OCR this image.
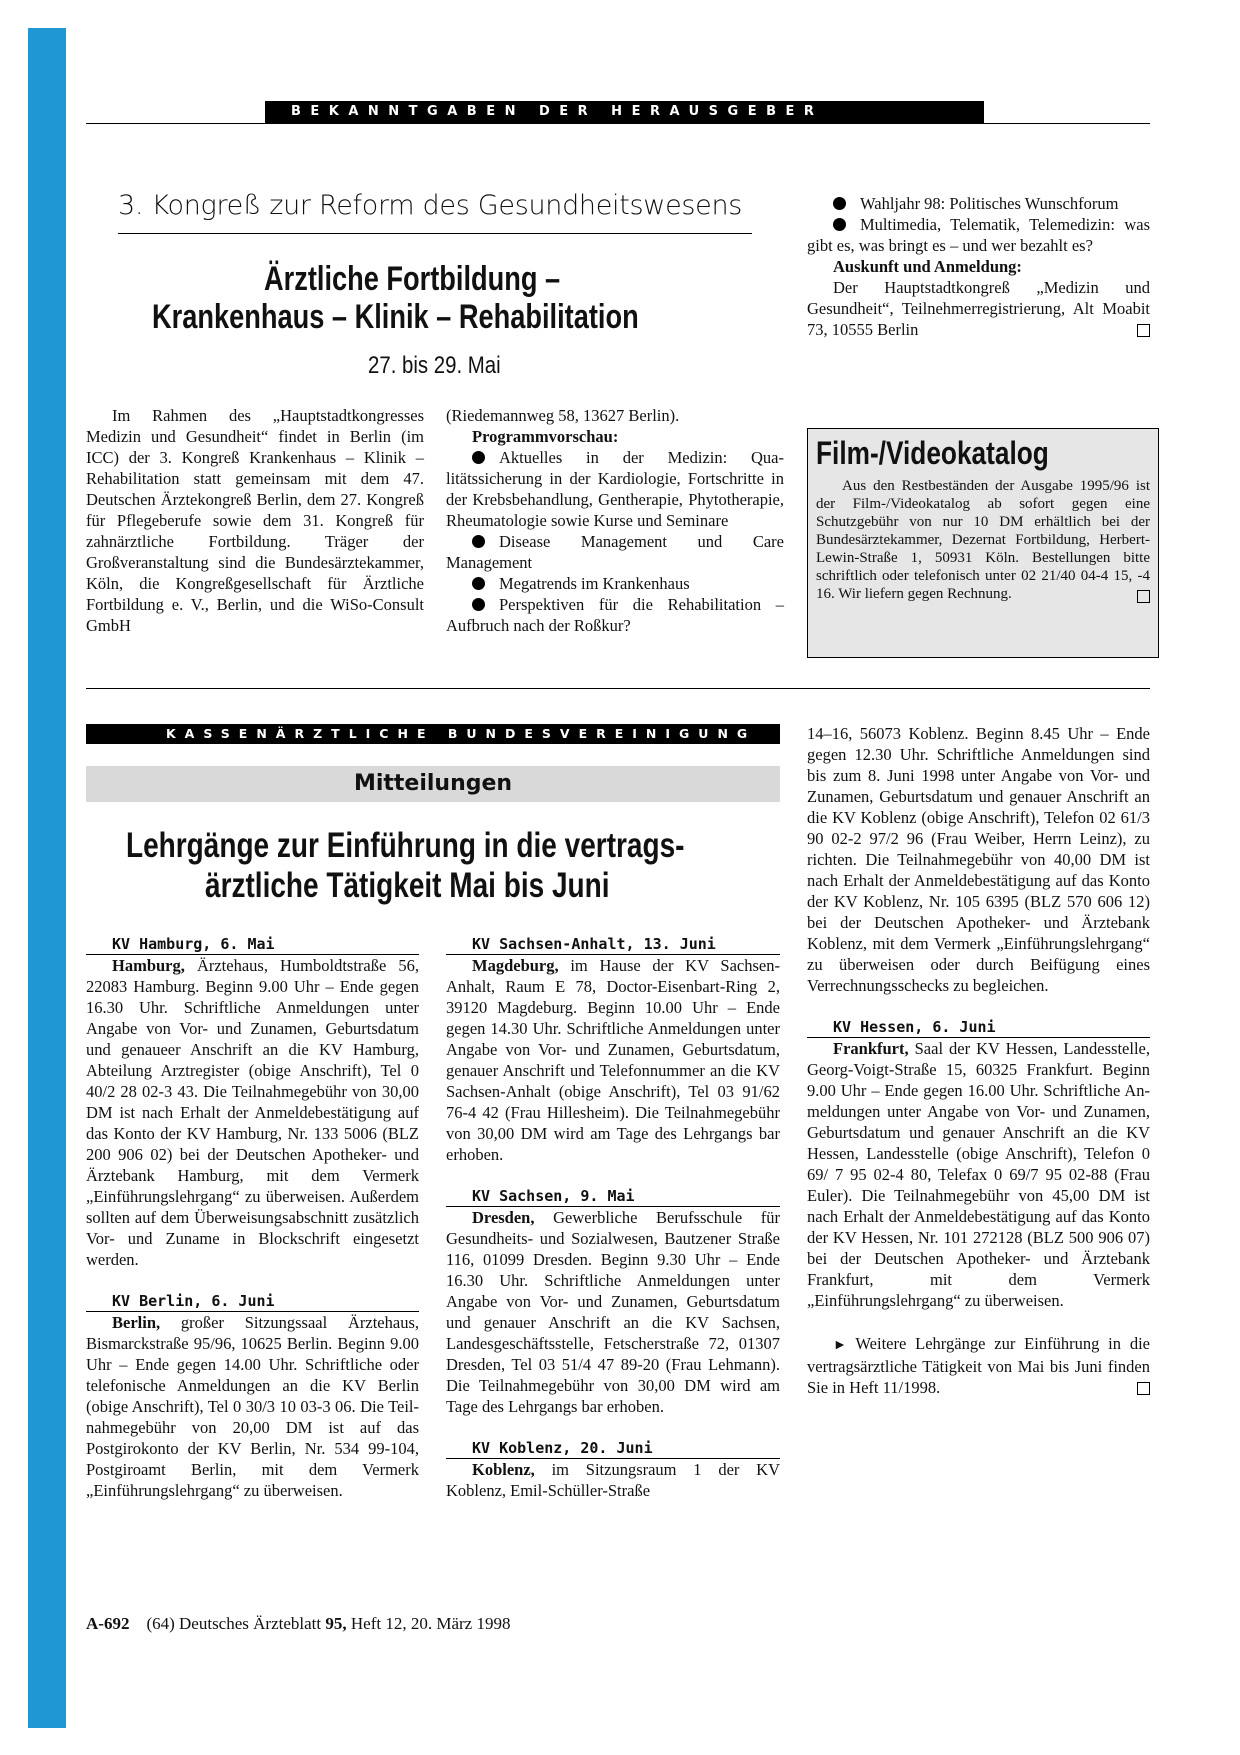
BEKANNTGABEN DER HERAUSGEBER
3. Kongreß zur Reform des Gesundheitswesens
Ärztliche Fortbildung –
Krankenhaus – Klinik – Rehabilitation
27. bis 29. Mai

Im Rahmen des „Hauptstadtkongresses Medizin und Gesundheit“ findet in Berlin (im ICC) der 3. Kongreß Krankenhaus – Klinik – Rehabilitation statt gemeinsam mit dem 47. Deutschen Ärztekongreß Berlin, dem 27. Kongreß für Pflegeberufe sowie dem 31. Kongreß für zahnärztliche Fortbildung. Träger der Großveranstaltung sind die Bundesärztekammer, Köln, die Kongreßgesellschaft für Ärztliche Fortbildung e. V., Berlin, und die WiSo-Consult GmbH

(Riedemannweg 58, 13627 Berlin).

Programmvorschau:

Aktuelles in der Medizin: Qualitätssicherung in der Kardiologie, Fortschritte in der Krebsbehandlung, Gentherapie, Phytotherapie, Rheumatologie sowie Kurse und Seminare

Disease Management und Care Management

Megatrends im Krankenhaus

Perspektiven für die Rehabilitation – Aufbruch nach der Roßkur?

Wahljahr 98: Politisches Wunschforum

Multimedia, Telematik, Telemedizin: was gibt es, was bringt es – und wer bezahlt es?

Auskunft und Anmeldung:

Der Hauptstadtkongreß „Medizin und Gesundheit“, Teilnehmerregistrierung, Alt Moabit 73, 10555 Berlin

Film-/Videokatalog
Aus den Restbeständen der Ausgabe 1995/96 ist der Film-/Videokatalog ab sofort gegen eine Schutzgebühr von nur 10 DM erhältlich bei der Bundesärztekammer, Dezernat Fortbildung, Herbert-Lewin-Straße 1, 50931 Köln. Bestellungen bitte schriftlich oder telefonisch unter 02 21/40 04-4 15, -4 16. Wir liefern gegen Rechnung.
KASSENÄRZTLICHE BUNDESVEREINIGUNG
Mitteilungen
Lehrgänge zur Einführung in die vertrags-
ärztliche Tätigkeit Mai bis Juni
KV Hamburg, 6. Mai

Hamburg, Ärztehaus, Humboldtstraße 56, 22083 Hamburg. Beginn 9.00 Uhr – Ende gegen 16.30 Uhr. Schriftliche Anmeldungen unter Angabe von Vor- und Zunamen, Geburtsdatum und genaueer Anschrift an die KV Hamburg, Abteilung Arztregister (obige Anschrift), Tel 0 40/2 28 02-3 43. Die Teilnahmegebühr von 30,00 DM ist nach Erhalt der Anmeldebestätigung auf das Konto der KV Hamburg, Nr. 133 5006 (BLZ 200 906 02) bei der Deutschen Apotheker- und Ärztebank Hamburg, mit dem Vermerk „Einführungslehrgang“ zu überweisen. Außerdem sollten auf dem Überweisungsabschnitt zusätzlich Vor- und Zuname in Blockschrift eingesetzt werden.

KV Berlin, 6. Juni

Berlin, großer Sitzungssaal Ärztehaus, Bismarckstraße 95/96, 10625 Berlin. Beginn 9.00 Uhr – Ende gegen 14.00 Uhr. Schriftliche oder telefonische Anmeldungen an die KV Berlin (obige Anschrift), Tel 0 30/3 10 03-3 06. Die Teilnahmegebühr von 20,00 DM ist auf das Postgirokonto der KV Berlin, Nr. 534 99-104, Postgiroamt Berlin, mit dem Vermerk „Einführungslehrgang“ zu überweisen.

KV Sachsen-Anhalt, 13. Juni

Magdeburg, im Hause der KV Sachsen-Anhalt, Raum E 78, Doctor-Eisenbart-Ring 2, 39120 Magdeburg. Beginn 10.00 Uhr – Ende gegen 14.30 Uhr. Schriftliche Anmeldungen unter Angabe von Vor- und Zunamen, Geburtsdatum, genauer Anschrift und Telefonnummer an die KV Sachsen-Anhalt (obige Anschrift), Tel 03 91/62 76-4 42 (Frau Hillesheim). Die Teilnahmegebühr von 30,00 DM wird am Tage des Lehrgangs bar erhoben.

KV Sachsen, 9. Mai

Dresden, Gewerbliche Berufsschule für Gesundheits- und Sozialwesen, Bautzener Straße 116, 01099 Dresden. Beginn 9.30 Uhr – Ende 16.30 Uhr. Schriftliche Anmeldungen unter Angabe von Vor- und Zunamen, Geburtsdatum und genauer Anschrift an die KV Sachsen, Landesgeschäftsstelle, Fetscherstraße 72, 01307 Dresden, Tel 03 51/4 47 89-20 (Frau Lehmann). Die Teilnahmegebühr von 30,00 DM wird am Tage des Lehrgangs bar erhoben.

KV Koblenz, 20. Juni

Koblenz, im Sitzungsraum 1 der KV Koblenz, Emil-Schüller-Straße

14–16, 56073 Koblenz. Beginn 8.45 Uhr – Ende gegen 12.30 Uhr. Schriftliche Anmeldungen sind bis zum 8. Juni 1998 unter Angabe von Vor- und Zunamen, Geburtsdatum und genauer Anschrift an die KV Koblenz (obige Anschrift), Telefon 02 61/3 90 02-2 97/2 96 (Frau Weiber, Herrn Leinz), zu richten. Die Teilnahmegebühr von 40,00 DM ist nach Erhalt der Anmeldebestätigung auf das Konto der KV Koblenz, Nr. 105 6395 (BLZ 570 606 12) bei der Deutschen Apotheker- und Ärztebank Koblenz, mit dem Vermerk „Einführungslehrgang“ zu überweisen oder durch Beifügung eines Verrechnungsschecks zu begleichen.

KV Hessen, 6. Juni

Frankfurt, Saal der KV Hessen, Landesstelle, Georg-Voigt-Straße 15, 60325 Frankfurt. Beginn 9.00 Uhr – Ende gegen 16.00 Uhr. Schriftliche Anmeldungen unter Angabe von Vor- und Zunamen, Geburtsdatum und genauer Anschrift an die KV Hessen, Landesstelle (obige Anschrift), Telefon 0 69/ 7 95 02-4 80, Telefax 0 69/7 95 02-88 (Frau Euler). Die Teilnahmegebühr von 45,00 DM ist nach Erhalt der Anmeldebestätigung auf das Konto der KV Hessen, Nr. 101 272128 (BLZ 500 906 07) bei der Deutschen Apotheker- und Ärztebank Frankfurt, mit dem Vermerk „Einführungslehrgang“ zu überweisen.

► Weitere Lehrgänge zur Einführung in die vertragsärztliche Tätigkeit von Mai bis Juni finden Sie in Heft 11/1998.

A-692 (64) Deutsches Ärzteblatt 95, Heft 12, 20. März 1998
